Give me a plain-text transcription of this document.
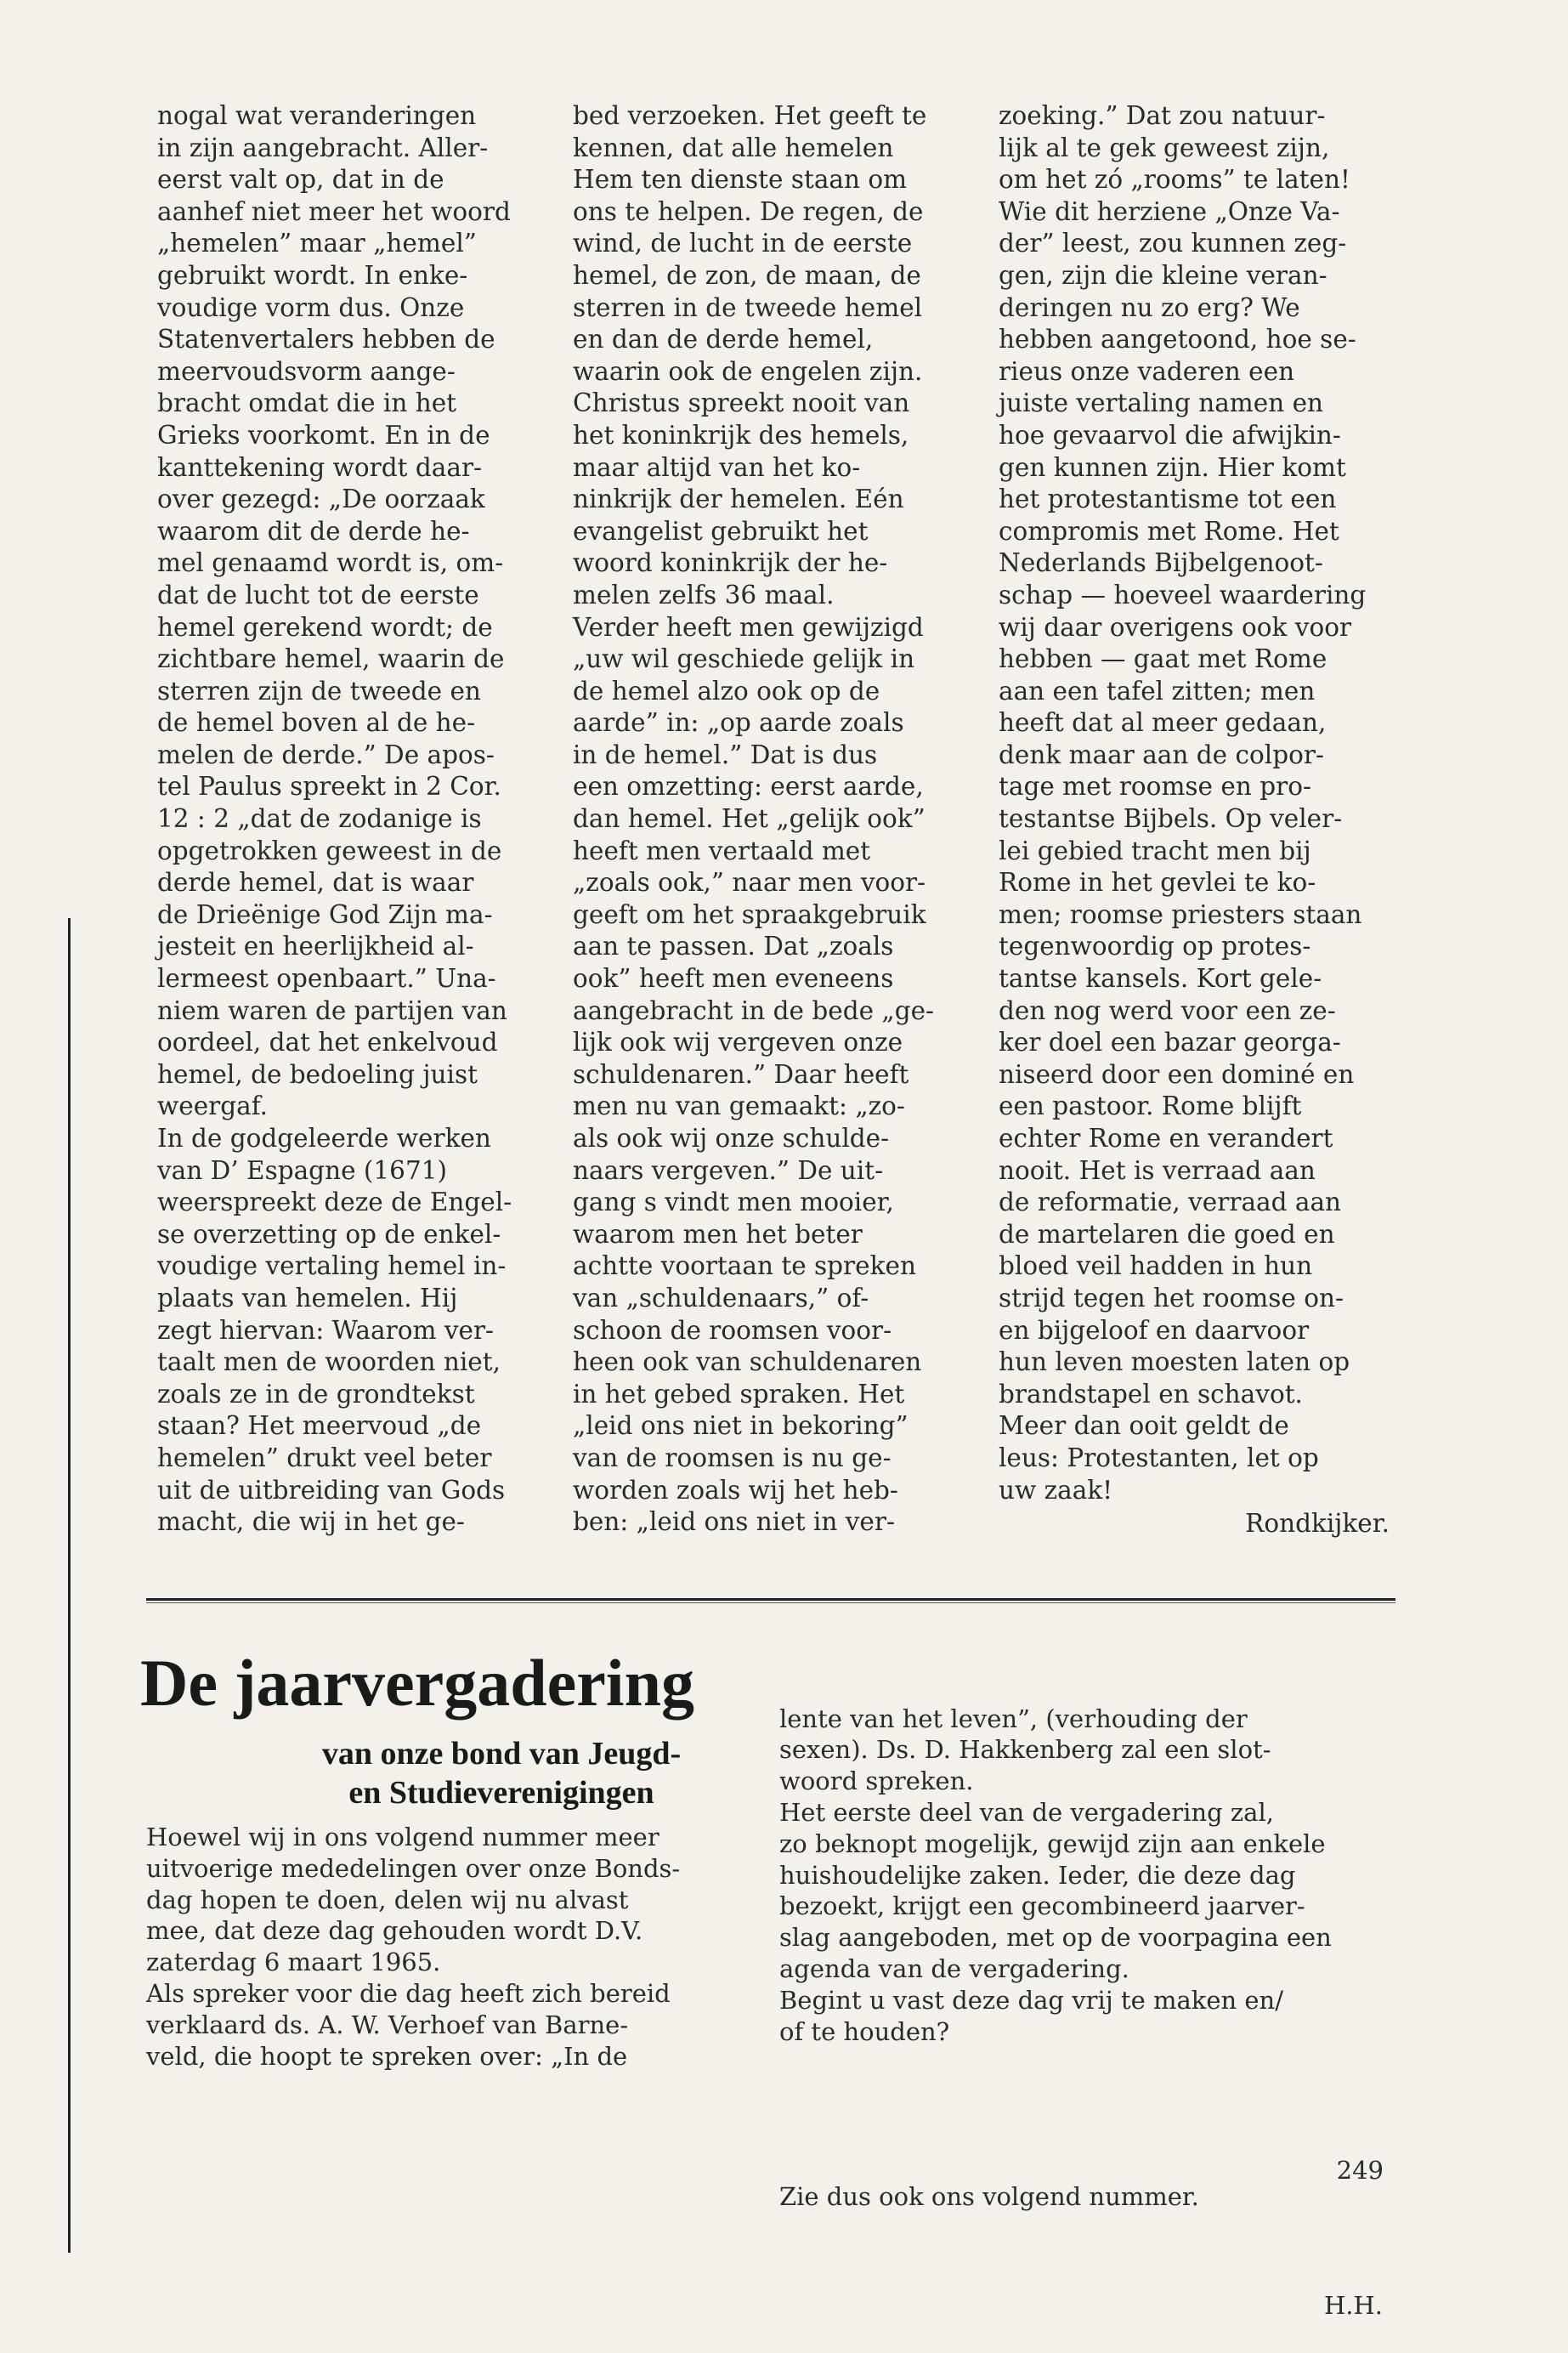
nogal wat veranderingen
in zijn aangebracht. Aller-
eerst valt op, dat in de
aanhef niet meer het woord
„hemelen” maar „hemel”
gebruikt wordt. In enke-
voudige vorm dus. Onze
Statenvertalers hebben de
meervoudsvorm aange-
bracht omdat die in het
Grieks voorkomt. En in de
kanttekening wordt daar-
over gezegd: „De oorzaak
waarom dit de derde he-
mel genaamd wordt is, om-
dat de lucht tot de eerste
hemel gerekend wordt; de
zichtbare hemel, waarin de
sterren zijn de tweede en
de hemel boven al de he-
melen de derde.” De apos-
tel Paulus spreekt in 2 Cor.
12 : 2 „dat de zodanige is
opgetrokken geweest in de
derde hemel, dat is waar
de Drieënige God Zijn ma-
jesteit en heerlijkheid al-
lermeest openbaart.” Una-
niem waren de partijen van
oordeel, dat het enkelvoud
hemel, de bedoeling juist
weergaf.
In de godgeleerde werken
van D’ Espagne (1671)
weerspreekt deze de Engel-
se overzetting op de enkel-
voudige vertaling hemel in-
plaats van hemelen. Hij
zegt hiervan: Waarom ver-
taalt men de woorden niet,
zoals ze in de grondtekst
staan? Het meervoud „de
hemelen” drukt veel beter
uit de uitbreiding van Gods
macht, die wij in het ge-
bed verzoeken. Het geeft te
kennen, dat alle hemelen
Hem ten dienste staan om
ons te helpen. De regen, de
wind, de lucht in de eerste
hemel, de zon, de maan, de
sterren in de tweede hemel
en dan de derde hemel,
waarin ook de engelen zijn.
Christus spreekt nooit van
het koninkrijk des hemels,
maar altijd van het ko-
ninkrijk der hemelen. Eén
evangelist gebruikt het
woord koninkrijk der he-
melen zelfs 36 maal.
Verder heeft men gewijzigd
„uw wil geschiede gelijk in
de hemel alzo ook op de
aarde” in: „op aarde zoals
in de hemel.” Dat is dus
een omzetting: eerst aarde,
dan hemel. Het „gelijk ook”
heeft men vertaald met
„zoals ook,” naar men voor-
geeft om het spraakgebruik
aan te passen. Dat „zoals
ook” heeft men eveneens
aangebracht in de bede „ge-
lijk ook wij vergeven onze
schuldenaren.” Daar heeft
men nu van gemaakt: „zo-
als ook wij onze schulde-
naars vergeven.” De uit-
gang s vindt men mooier,
waarom men het beter
achtte voortaan te spreken
van „schuldenaars,” of-
schoon de roomsen voor-
heen ook van schuldenaren
in het gebed spraken. Het
„leid ons niet in bekoring”
van de roomsen is nu ge-
worden zoals wij het heb-
ben: „leid ons niet in ver-
zoeking.” Dat zou natuur-
lijk al te gek geweest zijn,
om het zó „rooms” te laten!
Wie dit herziene „Onze Va-
der” leest, zou kunnen zeg-
gen, zijn die kleine veran-
deringen nu zo erg? We
hebben aangetoond, hoe se-
rieus onze vaderen een
juiste vertaling namen en
hoe gevaarvol die afwijkin-
gen kunnen zijn. Hier komt
het protestantisme tot een
compromis met Rome. Het
Nederlands Bijbelgenoot-
schap — hoeveel waardering
wij daar overigens ook voor
hebben — gaat met Rome
aan een tafel zitten; men
heeft dat al meer gedaan,
denk maar aan de colpor-
tage met roomse en pro-
testantse Bijbels. Op veler-
lei gebied tracht men bij
Rome in het gevlei te ko-
men; roomse priesters staan
tegenwoordig op protes-
tantse kansels. Kort gele-
den nog werd voor een ze-
ker doel een bazar georga-
niseerd door een dominé en
een pastoor. Rome blijft
echter Rome en verandert
nooit. Het is verraad aan
de reformatie, verraad aan
de martelaren die goed en
bloed veil hadden in hun
strijd tegen het roomse on-
en bijgeloof en daarvoor
hun leven moesten laten op
brandstapel en schavot.
Meer dan ooit geldt de
leus: Protestanten, let op
uw zaak!
Rondkijker.
De jaarvergadering
van onze bond van Jeugd-
en Studieverenigingen
Hoewel wij in ons volgend nummer meer
uitvoerige mededelingen over onze Bonds-
dag hopen te doen, delen wij nu alvast
mee, dat deze dag gehouden wordt D.V.
zaterdag 6 maart 1965.
Als spreker voor die dag heeft zich bereid
verklaard ds. A. W. Verhoef van Barne-
veld, die hoopt te spreken over: „In de

lente van het leven”, (verhouding der
sexen). Ds. D. Hakkenberg zal een slot-
woord spreken.
Het eerste deel van de vergadering zal,
zo beknopt mogelijk, gewijd zijn aan enkele
huishoudelijke zaken. Ieder, die deze dag
bezoekt, krijgt een gecombineerd jaarver-
slag aangeboden, met op de voorpagina een
agenda van de vergadering.
Begint u vast deze dag vrij te maken en/
of te houden?

Zie dus ook ons volgend nummer.

H.H.

249
